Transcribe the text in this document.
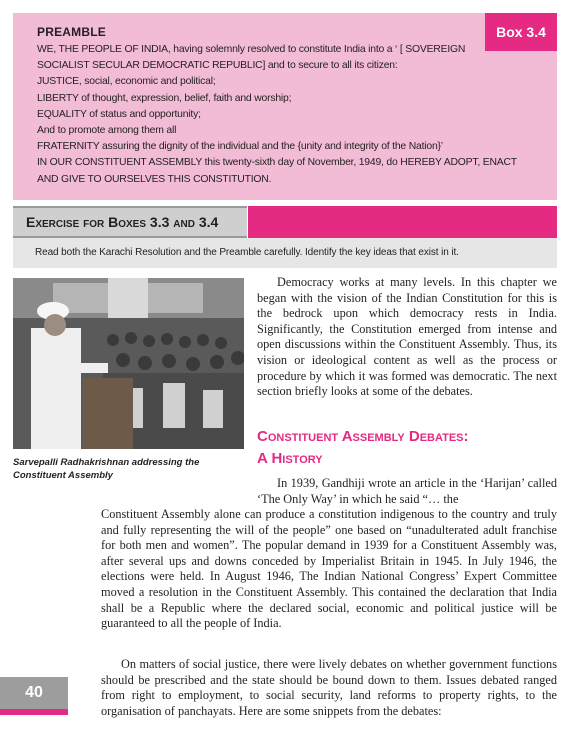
Box 3.4
PREAMBLE
WE, THE PEOPLE OF INDIA, having solemnly resolved to constitute India into a ‘ [ SOVEREIGN
SOCIALIST SECULAR DEMOCRATIC REPUBLIC] and to secure to all its citizen:
JUSTICE, social, economic and political;
LIBERTY of thought, expression, belief, faith and worship;
EQUALITY of status and opportunity;
And to promote among them all
FRATERNITY assuring the dignity of the individual and the {unity and integrity of the Nation}’
IN OUR CONSTITUENT ASSEMBLY this twenty-sixth day of November, 1949, do HEREBY ADOPT, ENACT
AND GIVE TO OURSELVES THIS CONSTITUTION.
Exercise for Boxes 3.3 and 3.4
Read both the Karachi Resolution and the Preamble carefully. Identify the key ideas that exist in it.
Sarvepalli Radhakrishnan addressing the Constituent Assembly
Democracy works at many levels. In this chapter we began with the vision of the Indian Constitution for this is the bedrock upon which democracy rests in India. Significantly, the Constitution emerged from intense and open discussions within the Constituent Assembly. Thus, its vision or ideological content as well as the process or procedure by which it was formed was democratic. The next section briefly looks at some of the debates.
Constituent Assembly Debates:
A History
In 1939, Gandhiji wrote an article in the ‘Harijan’ called ‘The Only Way’ in which he said “… the
Constituent Assembly alone can produce a constitution indigenous to the country and truly and fully representing the will of the people” one based on “unadulterated adult franchise for both men and women”. The popular demand in 1939 for a Constituent Assembly was, after several ups and downs conceded by Imperialist Britain in 1945. In July 1946, the elections were held. In August 1946, The Indian National Congress’ Expert Committee moved a resolution in the Constituent Assembly. This contained the declaration that India shall be a Republic where the declared social, economic and political justice will be guaranteed to all the people of India.
On matters of social justice, there were lively debates on whether government functions should be prescribed and the state should be bound down to them. Issues debated ranged from right to employment, to social security, land reforms to property rights, to the organisation of panchayats. Here are some snippets from the debates:
40
